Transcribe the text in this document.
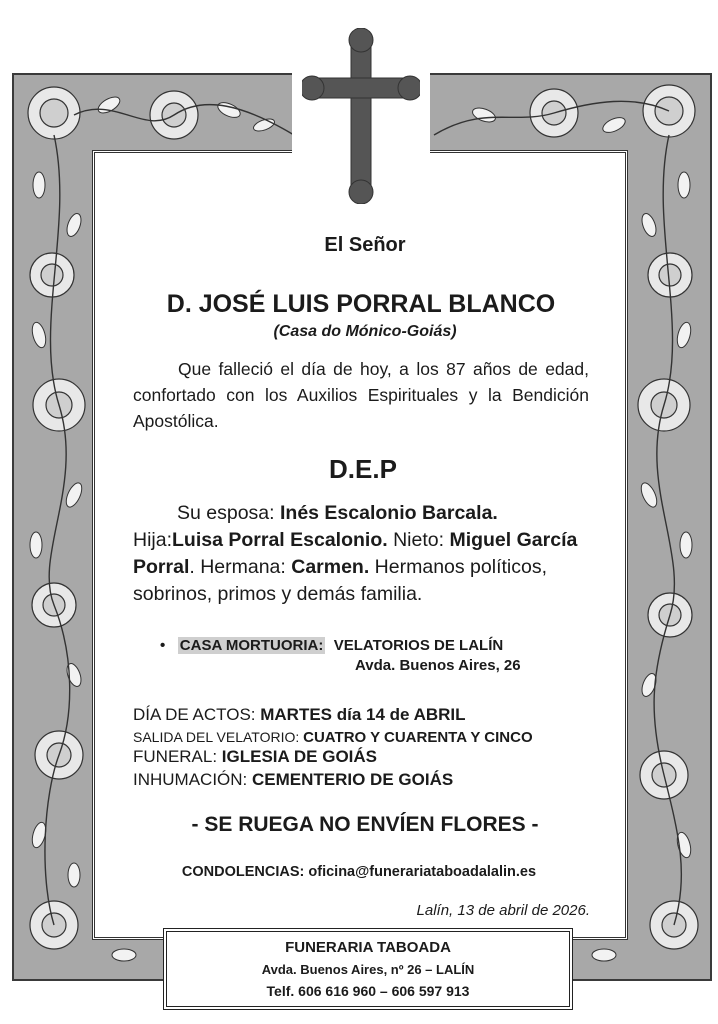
El Señor
D. JOSÉ LUIS PORRAL BLANCO
(Casa do Mónico-Goiás)
Que falleció el día de hoy, a los 87 años de edad, confortado con los Auxilios Espirituales y la Bendición Apostólica.
D.E.P
Su esposa: Inés Escalonio Barcala. Hija:Luisa Porral Escalonio. Nieto: Miguel García Porral. Hermana: Carmen. Hermanos políticos, sobrinos, primos y demás familia.
• CASA MORTUORIA: VELATORIOS DE LALÍN
Avda. Buenos Aires, 26
DÍA DE ACTOS: MARTES día 14 de ABRIL
SALIDA DEL VELATORIO: CUATRO Y CUARENTA Y CINCO
FUNERAL: IGLESIA DE GOIÁS
INHUMACIÓN: CEMENTERIO DE GOIÁS
- SE RUEGA NO ENVÍEN FLORES -
CONDOLENCIAS: oficina@funerariataboadalalin.es
Lalín, 13 de abril de 2026.
FUNERARIA TABOADA
Avda. Buenos Aires, nº 26 – LALÍN
Telf. 606 616 960 – 606 597 913
